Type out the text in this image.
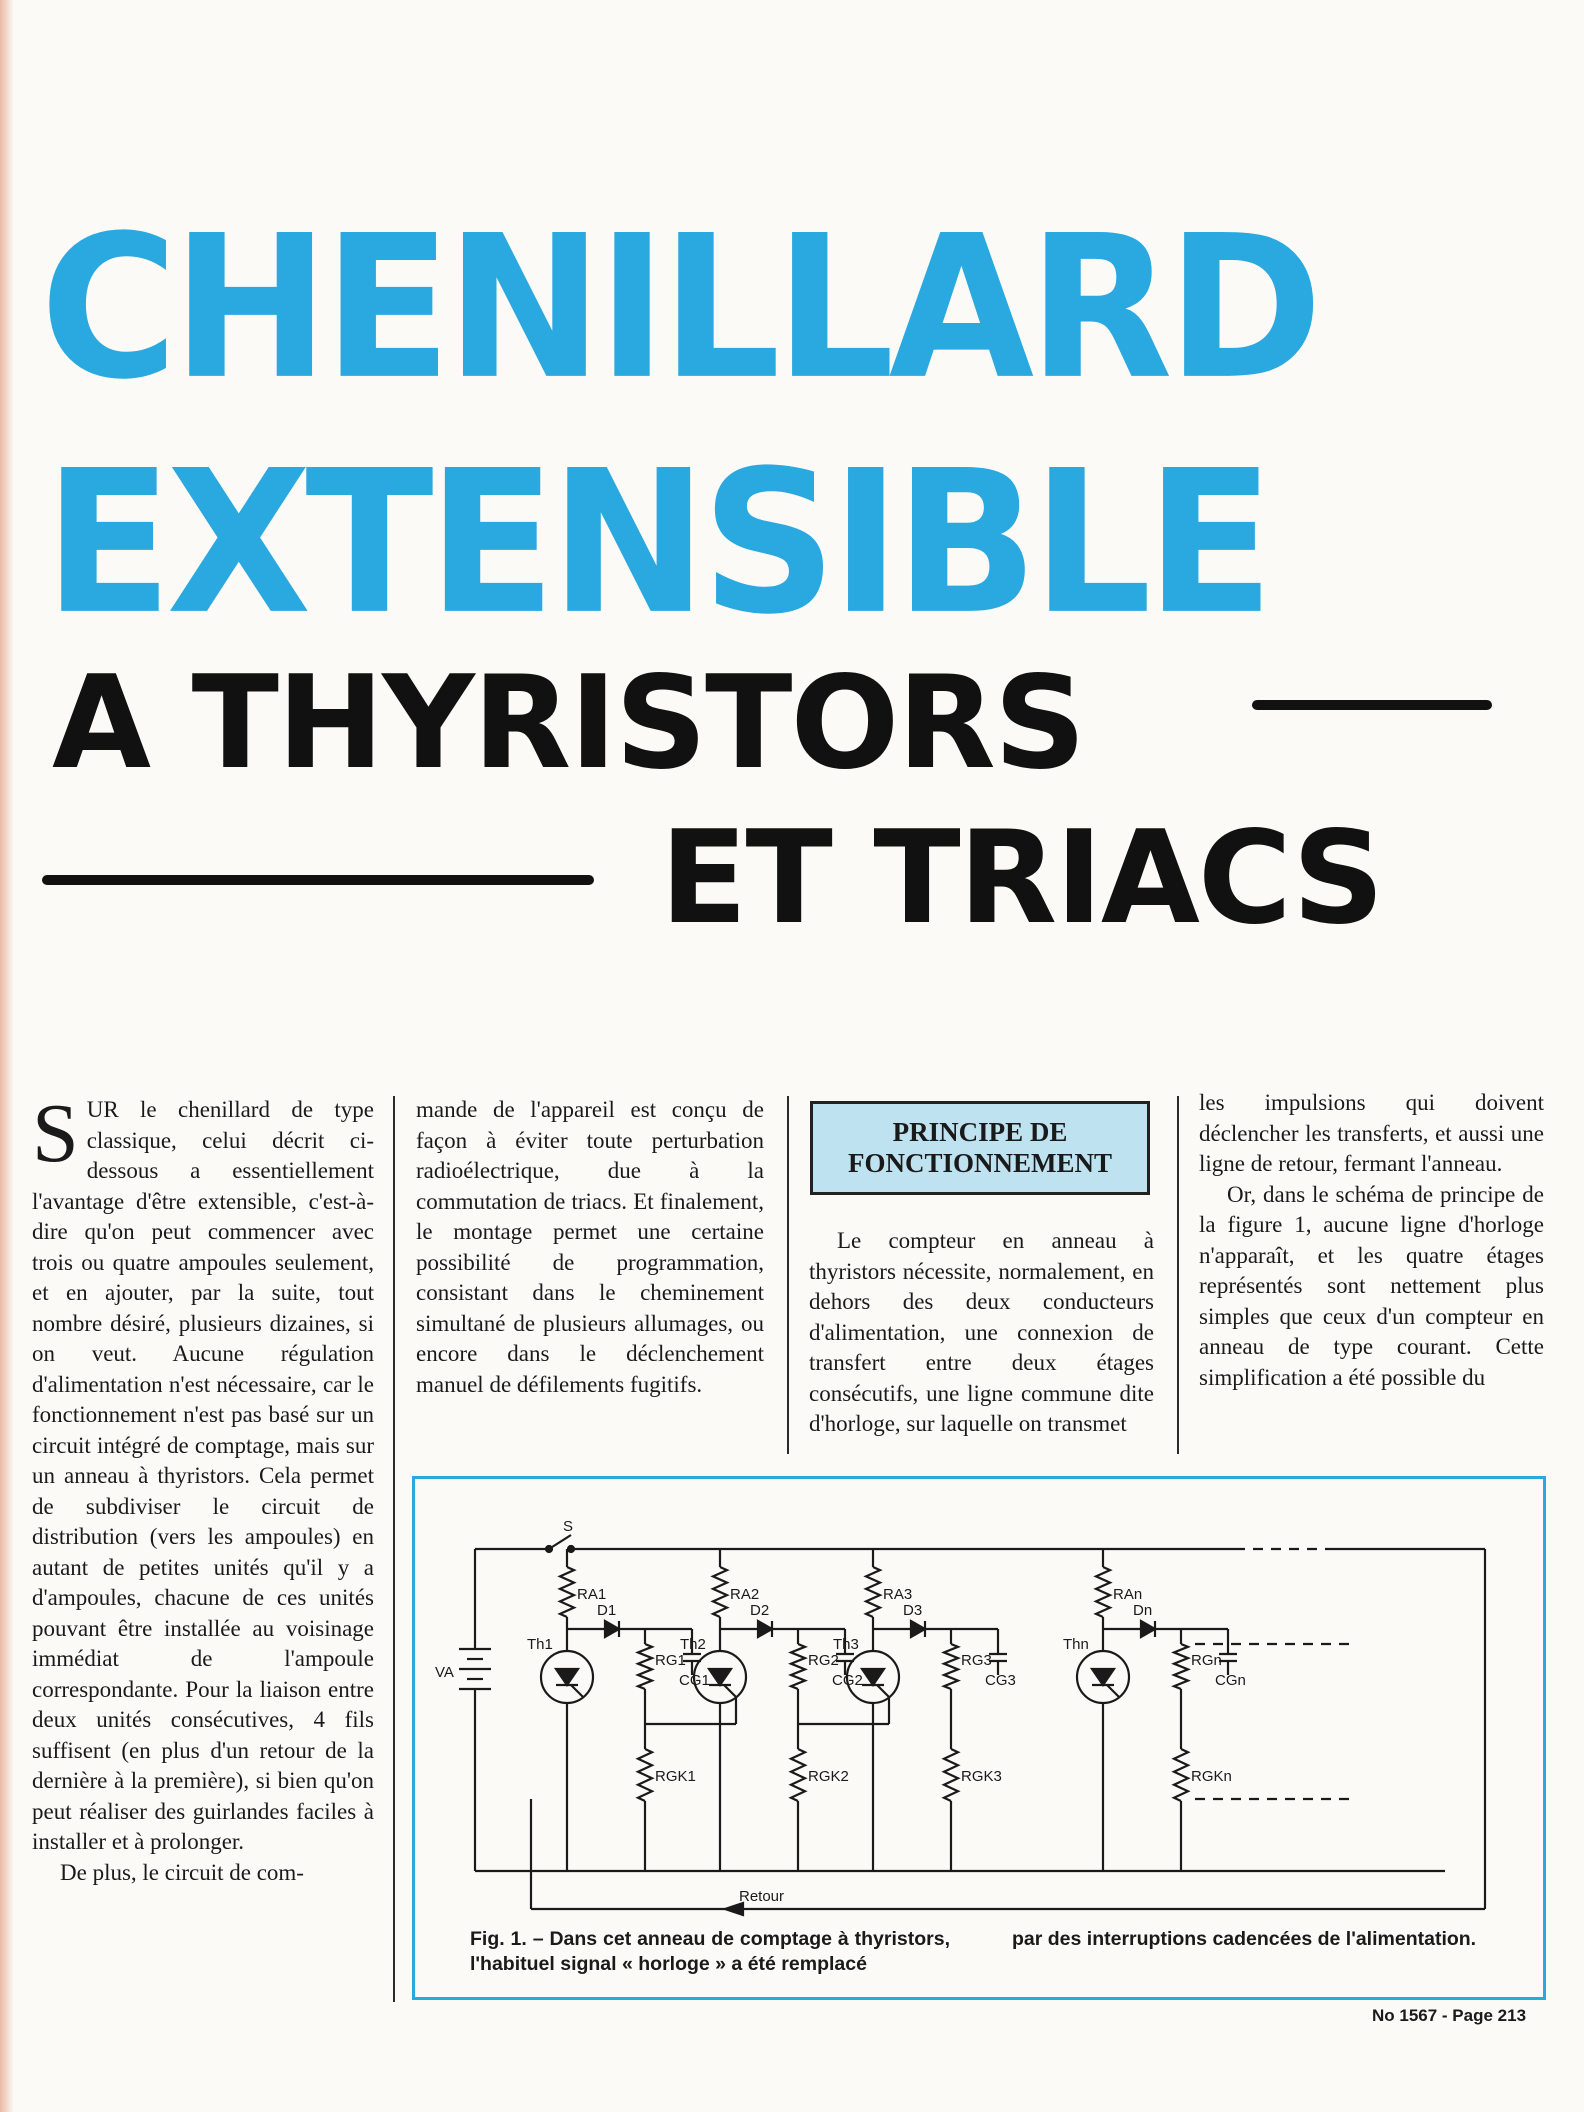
CHENILLARD
EXTENSIBLE
A THYRISTORS
ET TRIACS

SUR le chenillard de type classique, celui décrit ci-dessous a essentiellement l'avantage d'être extensible, c'est-à-dire qu'on peut commencer avec trois ou quatre ampoules seulement, et en ajouter, par la suite, tout nombre désiré, plusieurs dizaines, si on veut. Aucune régulation d'alimentation n'est nécessaire, car le fonctionnement n'est pas basé sur un circuit intégré de comptage, mais sur un anneau à thyristors. Cela permet de subdiviser le circuit de distribution (vers les ampoules) en autant de petites unités qu'il y a d'ampoules, chacune de ces unités pouvant être installée au voisinage immédiat de l'ampoule correspondante. Pour la liaison entre deux unités consécutives, 4 fils suffisent (en plus d'un retour de la dernière à la première), si bien qu'on peut réaliser des guirlandes faciles à installer et à prolonger.

De plus, le circuit de com-

mande de l'appareil est conçu de façon à éviter toute perturbation radioélectrique, due à la commutation de triacs. Et finalement, le montage permet une certaine possibilité de programmation, consistant dans le cheminement simultané de plusieurs allumages, ou encore dans le déclenchement manuel de défilements fugitifs.

PRINCIPE DE
FONCTIONNEMENT

Le compteur en anneau à thyristors nécessite, normalement, en dehors des deux conducteurs d'alimentation, une connexion de transfert entre deux étages consécutifs, une ligne commune dite d'horloge, sur laquelle on transmet

les impulsions qui doivent déclencher les transferts, et aussi une ligne de retour, fermant l'anneau.

Or, dans le schéma de principe de la figure 1, aucune ligne d'horloge n'apparaît, et les quatre étages représentés sont nettement plus simples que ceux d'un compteur en anneau de type courant. Cette simplification a été possible du

S
VA
Retour
RA1
Th1
D1
RG1
CG1
RGK1
RA2
Th2
D2
RG2
CG2
RGK2
RA3
Th3
D3
RG3
CG3
RGK3
RAn
Thn
Dn
RGn
CGn
RGKn
Fig. 1. – Dans cet anneau de comptage à thyristors, l'habituel signal « horloge » a été remplacé
par des interruptions cadencées de l'alimentation.
No 1567 - Page 213
